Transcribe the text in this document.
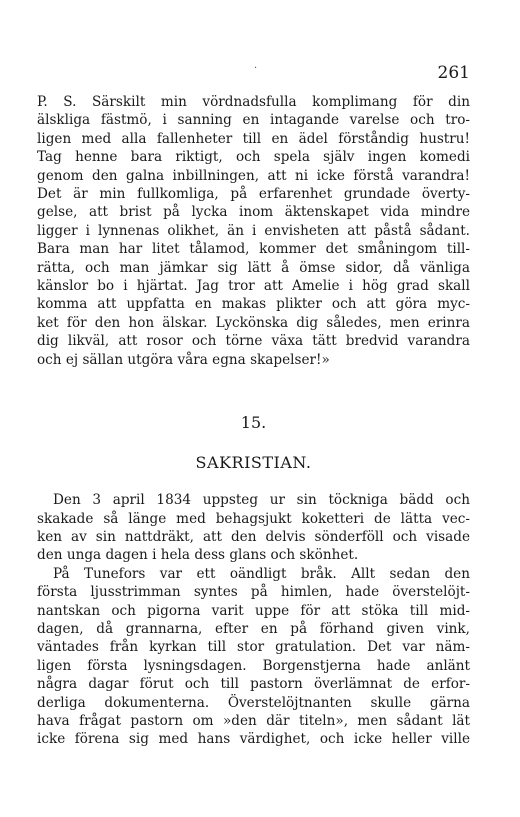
·	261

P. S. Särskilt min vördnadsfulla komplimang för din

älskliga fästmö, i sanning en intagande varelse och tro-

ligen med alla fallenheter till en ädel förståndig hustru!

Tag henne bara riktigt, och spela själv ingen komedi

genom den galna inbillningen, att ni icke förstå varandra!

Det är min fullkomliga, på erfarenhet grundade överty-

gelse, att brist på lycka inom äktenskapet vida mindre

ligger i lynnenas olikhet, än i envisheten att påstå sådant.

Bara man har litet tålamod, kommer det småningom till-

rätta, och man jämkar sig lätt å ömse sidor, då vänliga

känslor bo i hjärtat. Jag tror att Amelie i hög grad skall

komma att uppfatta en makas plikter och att göra myc-

ket för den hon älskar. Lyckönska dig således, men erinra

dig likväl, att rosor och törne växa tätt bredvid varandra

och ej sällan utgöra våra egna skapelser!»

15.
SAKRISTIAN.

Den 3 april 1834 uppsteg ur sin töckniga bädd och

skakade så länge med behagsjukt koketteri de lätta vec-

ken av sin nattdräkt, att den delvis sönderföll och visade

den unga dagen i hela dess glans och skönhet.

På Tunefors var ett oändligt bråk. Allt sedan den

första ljusstrimman syntes på himlen, hade överstelöjt-

nantskan och pigorna varit uppe för att stöka till mid-

dagen, då grannarna, efter en på förhand given vink,

väntades från kyrkan till stor gratulation. Det var näm-

ligen första lysningsdagen. Borgenstjerna hade anlänt

några dagar förut och till pastorn överlämnat de erfor-

derliga dokumenterna. Överstelöjtnanten skulle gärna

hava frågat pastorn om »den där titeln», men sådant lät

icke förena sig med hans värdighet, och icke heller ville
